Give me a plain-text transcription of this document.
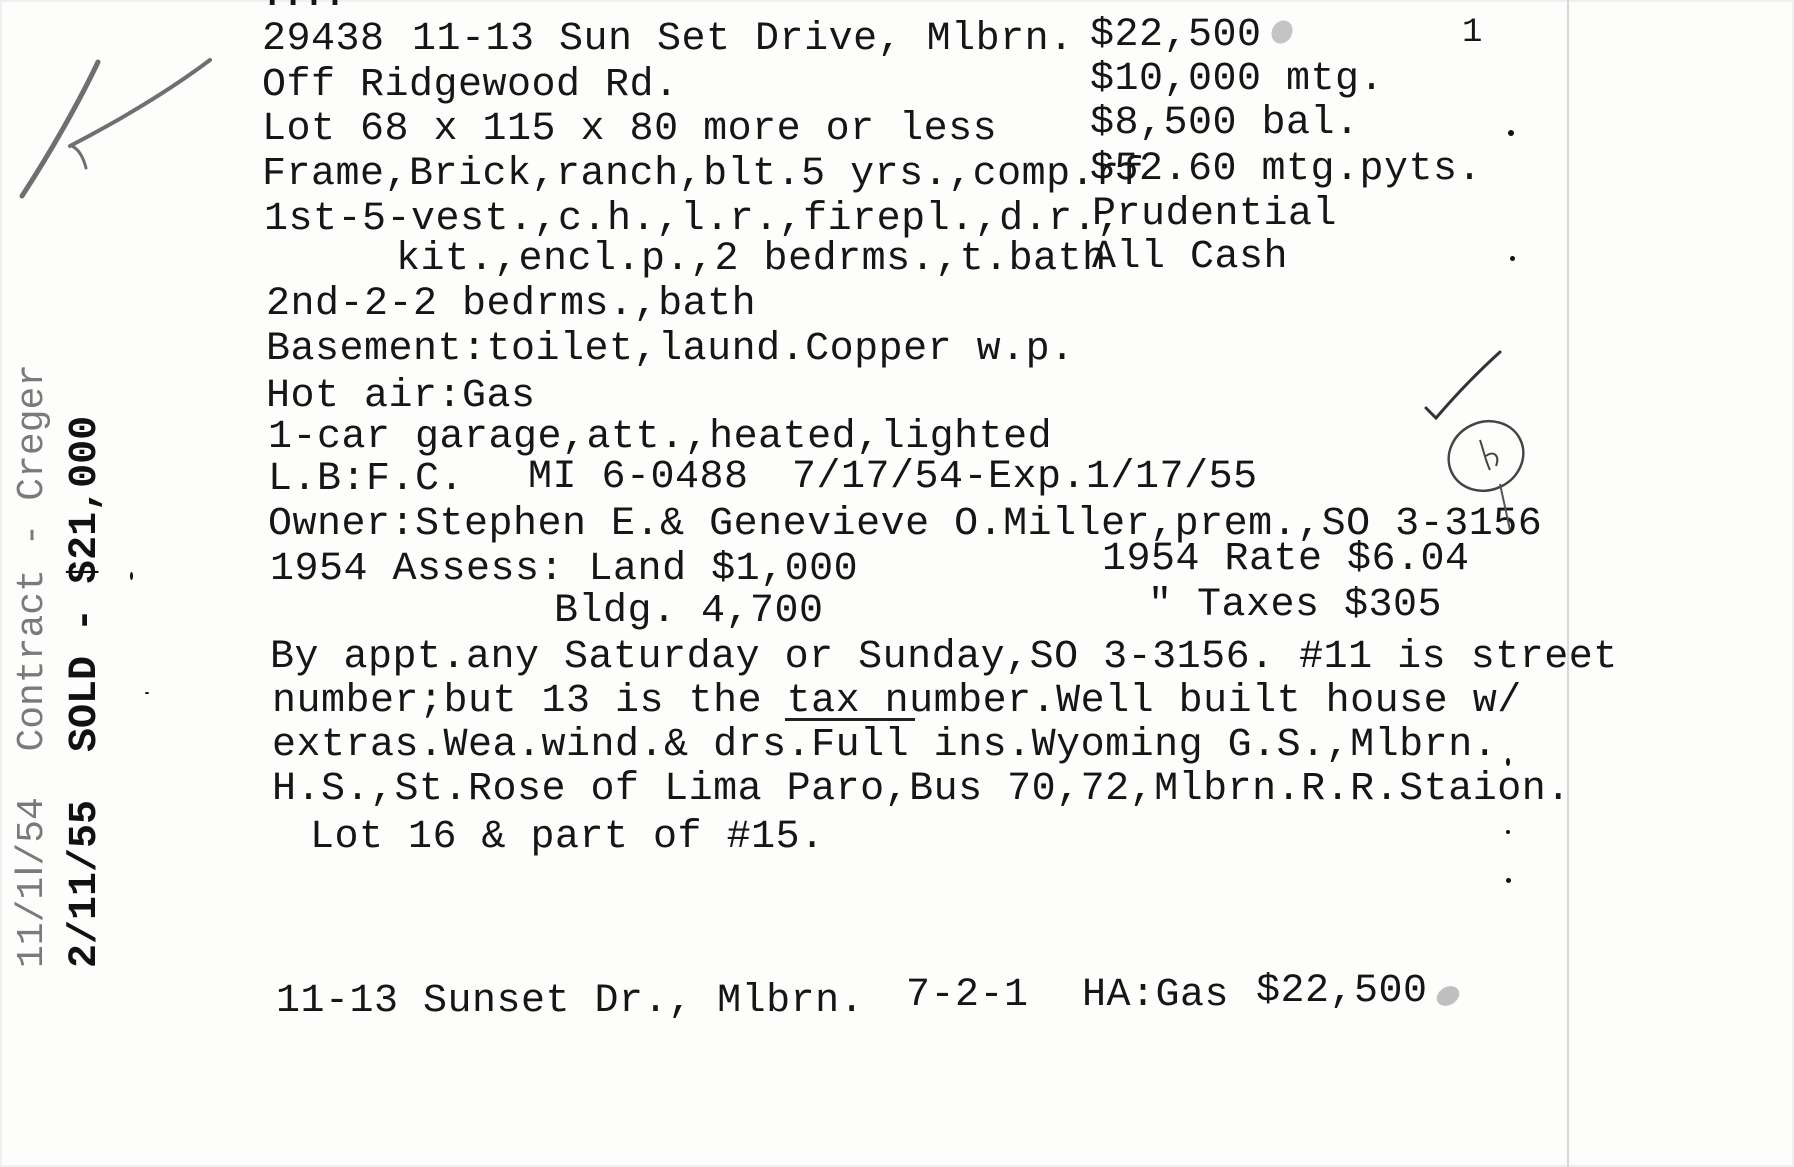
29438 11-13 Sun Set Drive, Mlbrn.
Off Ridgewood Rd.
Lot 68 x 115 x 80 more or less
Frame,Brick,ranch,blt.5 yrs.,comp.rf
1st-5-vest.,c.h.,l.r.,firepl.,d.r.,
kit.,encl.p.,2 bedrms.,t.bath
2nd-2-2 bedrms.,bath
Basement:toilet,laund.Copper w.p.
Hot air:Gas
1-car garage,att.,heated,lighted
L.B:F.C. MI 6-0488 7/17/54-Exp.1/17/55
Owner:Stephen E.& Genevieve O.Miller,prem.,SO 3-3156
1954 Assess: Land $1,000	1954 Rate $6.04
Bldg. 4,700	" Taxes $305
By appt.any Saturday or Sunday,SO 3-3156. #11 is street
number;but 13 is the tax number.Well built house w/
extras.Wea.wind.& drs.Full ins.Wyoming G.S.,Mlbrn.
H.S.,St.Rose of Lima Paro,Bus 70,72,Mlbrn.R.R.Staion.
Lot 16 & part of #15.
$22,500
$10,000 mtg.
$8,500 bal.
$52.60 mtg.pyts.
Prudential
All Cash
1
11/1Ⅰ/54  Contract - Creger 2/11/55  SOLD - $21,000
11-13 Sunset Dr., Mlbrn. 7-2-1 HA:Gas $22,500
